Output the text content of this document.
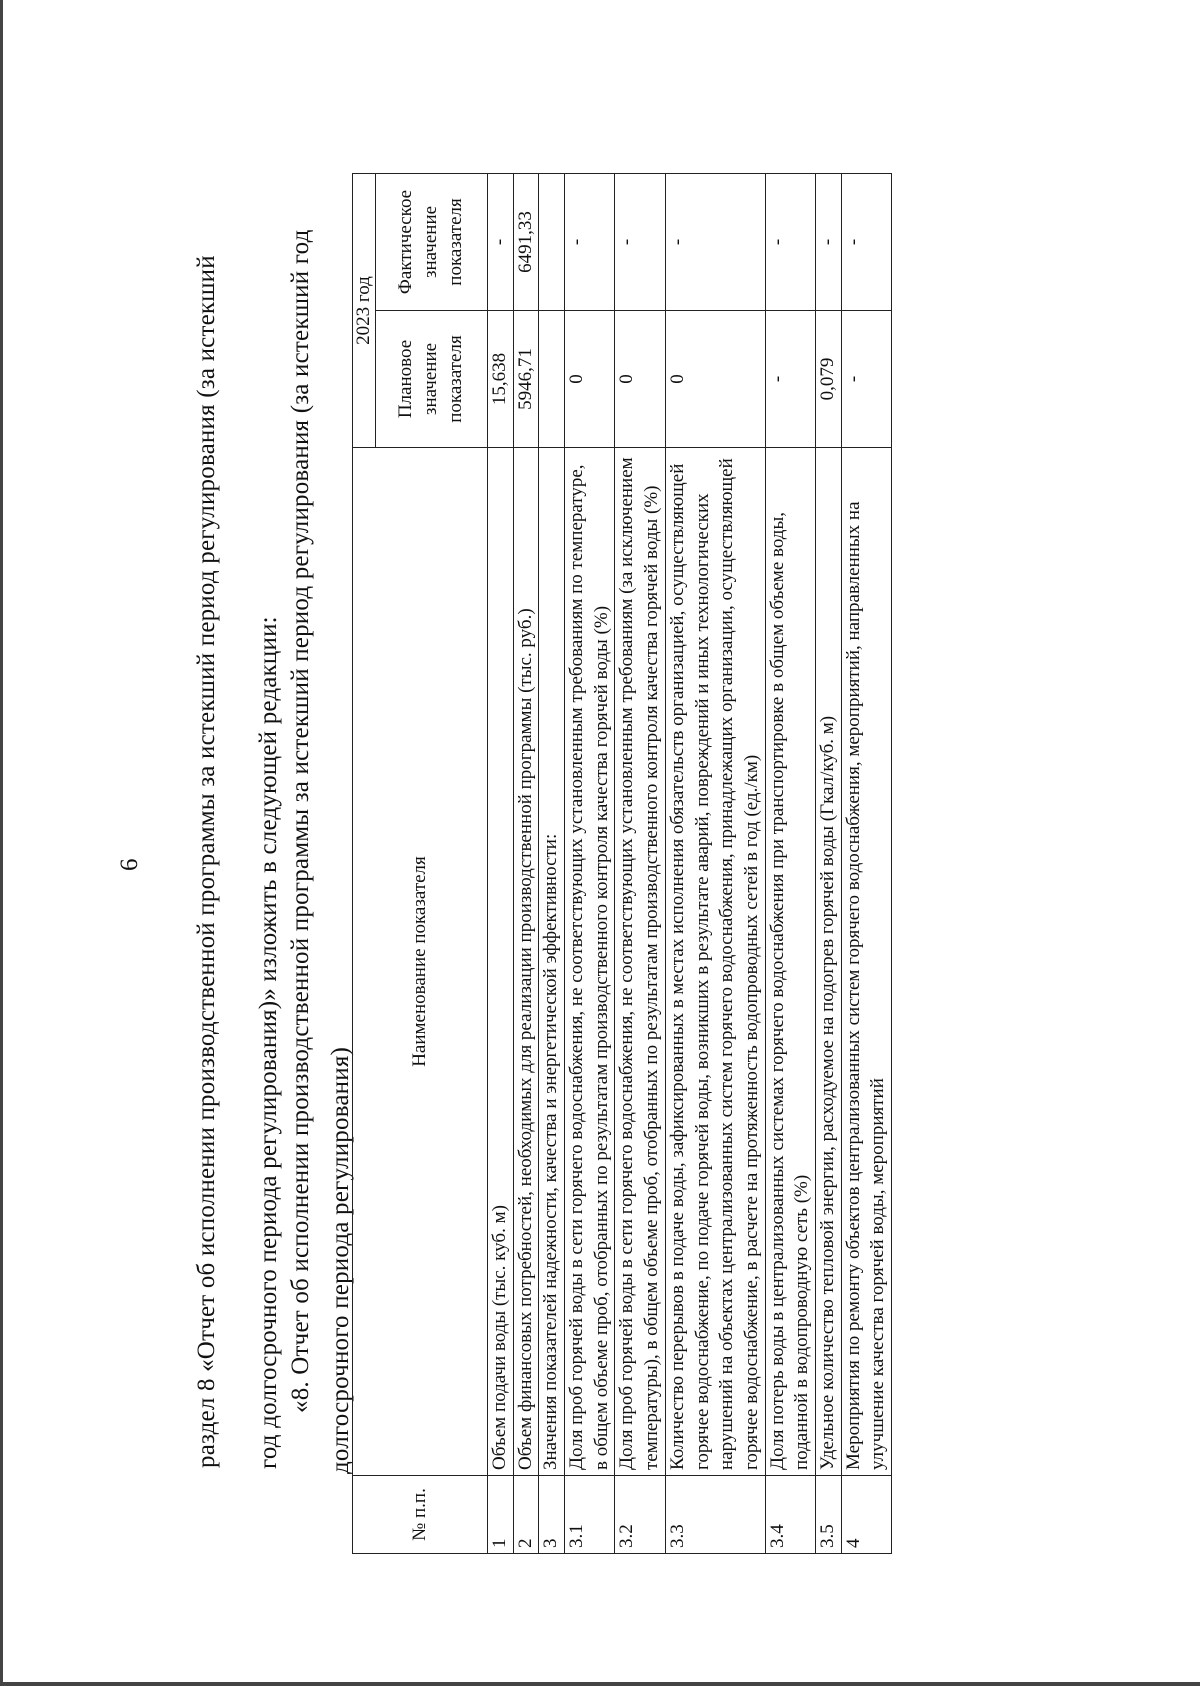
6 раздел 8 «Отчет об исполнении производственной программы за истекший период регулирования (за истекший год долгосрочного периода регулирования)» изложить в следующей редакции: «8. Отчет об исполнении производственной программы за истекший период регулирования (за истекший год долгосрочного периода регулирования)
№ п.п.	Наименование показателя	2023 год	
		Плановое значение показателя	Фактическое значение показателя
1	Объем подачи воды (тыс. куб. м)	15,638	-
2	Объем финансовых потребностей, необходимых для реализации производственной программы (тыс. руб.)	5946,71	6491,33
3	Значения показателей надежности, качества и энергетической эффективности:		
3.1	Доля проб горячей воды в сети горячего водоснабжения, не соответствующих установленным требованиям по температуре, в общем объеме проб, отобранных по результатам производственного контроля качества горячей воды (%)	0	-
3.2	Доля проб горячей воды в сети горячего водоснабжения, не соответствующих установленным требованиям (за исключением температуры), в общем объеме проб, отобранных по результатам производственного контроля качества горячей воды (%)	0	-
3.3	Количество перерывов в подаче воды, зафиксированных в местах исполнения обязательств организацией, осуществляющей горячее водоснабжение, по подаче горячей воды, возникших в результате аварий, повреждений и иных технологических нарушений на объектах централизованных систем горячего водоснабжения, принадлежащих организации, осуществляющей горячее водоснабжение, в расчете на протяженность водопроводных сетей в год (ед./км)	0	-
3.4	Доля потерь воды в централизованных системах горячего водоснабжения при транспортировке в общем объеме воды, поданной в водопроводную сеть (%)	-	-
3.5	Удельное количество тепловой энергии, расходуемое на подогрев горячей воды (Гкал/куб. м)	0,079	-
4	Мероприятия по ремонту объектов централизованных систем горячего водоснабжения, мероприятий, направленных на улучшение качества горячей воды, мероприятий	-	-
